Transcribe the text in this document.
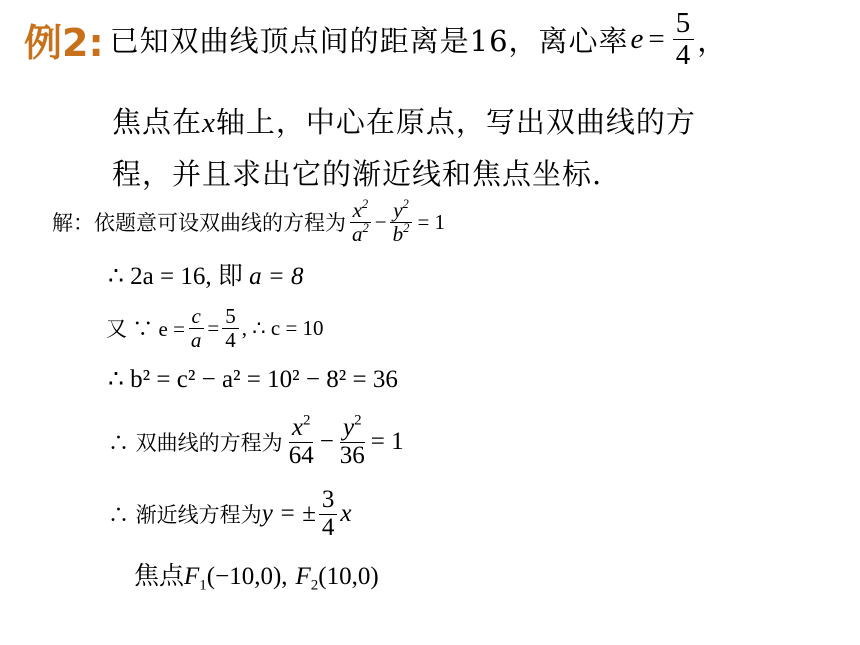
例2: 已知双曲线顶点间的距离是16，离心率 $e = \frac{5}{4}$ ，
焦点在x轴上，中心在原点，写出双曲线的方
程，并且求出它的渐近线和焦点坐标.
解：依题意可设双曲线的方程为 $\frac{x^2}{a^2} - \frac{y^2}{b^2} = 1$
∴ 2a = 16, 即 a = 8
又 ∵ $e = \frac{c}{a} = \frac{5}{4}$ , ∴ c = 10
∴ b² = c² − a² = 10² − 8² = 36
∴ 双曲线的方程为 $\frac{x^2}{64} - \frac{y^2}{36} = 1$
∴ 渐近线方程为 y = ± $\frac{3}{4}$ x
焦点$F_1(-10,0)$, $F_2(10,0)$
